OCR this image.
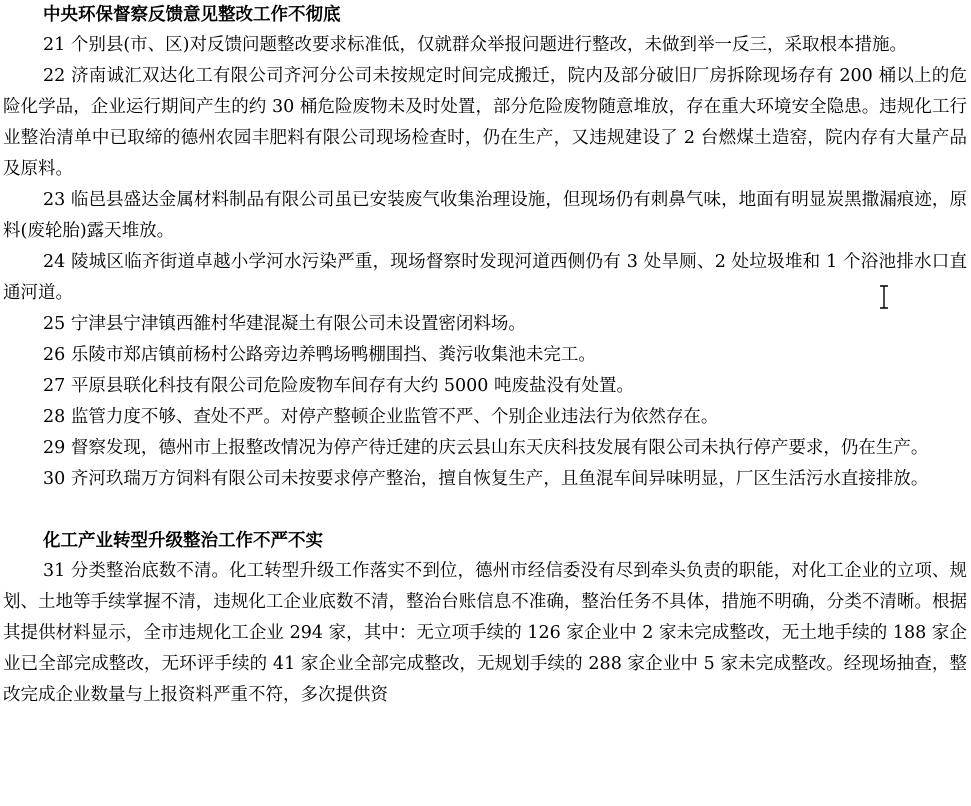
中央环保督察反馈意见整改工作不彻底

21 个别县(市、区)对反馈问题整改要求标准低，仅就群众举报问题进行整改，未做到举一反三，采取根本措施。

22 济南诚汇双达化工有限公司齐河分公司未按规定时间完成搬迁，院内及部分破旧厂房拆除现场存有 200 桶以上的危险化学品，企业运行期间产生的约 30 桶危险废物未及时处置，部分危险废物随意堆放，存在重大环境安全隐患。违规化工行业整治清单中已取缔的德州农园丰肥料有限公司现场检查时，仍在生产，又违规建设了 2 台燃煤土造窑，院内存有大量产品及原料。

23 临邑县盛达金属材料制品有限公司虽已安装废气收集治理设施，但现场仍有刺鼻气味，地面有明显炭黑撒漏痕迹，原料(废轮胎)露天堆放。

24 陵城区临齐街道卓越小学河水污染严重，现场督察时发现河道西侧仍有 3 处旱厕、2 处垃圾堆和 1 个浴池排水口直通河道。

25 宁津县宁津镇西雒村华建混凝土有限公司未设置密闭料场。

26 乐陵市郑店镇前杨村公路旁边养鸭场鸭棚围挡、粪污收集池未完工。

27 平原县联化科技有限公司危险废物车间存有大约 5000 吨废盐没有处置。

28 监管力度不够、查处不严。对停产整顿企业监管不严、个别企业违法行为依然存在。

29 督察发现，德州市上报整改情况为停产待迁建的庆云县山东天庆科技发展有限公司未执行停产要求，仍在生产。

30 齐河玖瑞万方饲料有限公司未按要求停产整治，擅自恢复生产，且鱼混车间异味明显，厂区生活污水直接排放。

化工产业转型升级整治工作不严不实

31 分类整治底数不清。化工转型升级工作落实不到位，德州市经信委没有尽到牵头负责的职能，对化工企业的立项、规划、土地等手续掌握不清，违规化工企业底数不清，整治台账信息不准确，整治任务不具体，措施不明确，分类不清晰。根据其提供材料显示，全市违规化工企业 294 家，其中：无立项手续的 126 家企业中 2 家未完成整改，无土地手续的 188 家企业已全部完成整改，无环评手续的 41 家企业全部完成整改，无规划手续的 288 家企业中 5 家未完成整改。经现场抽查，整改完成企业数量与上报资料严重不符，多次提供资
